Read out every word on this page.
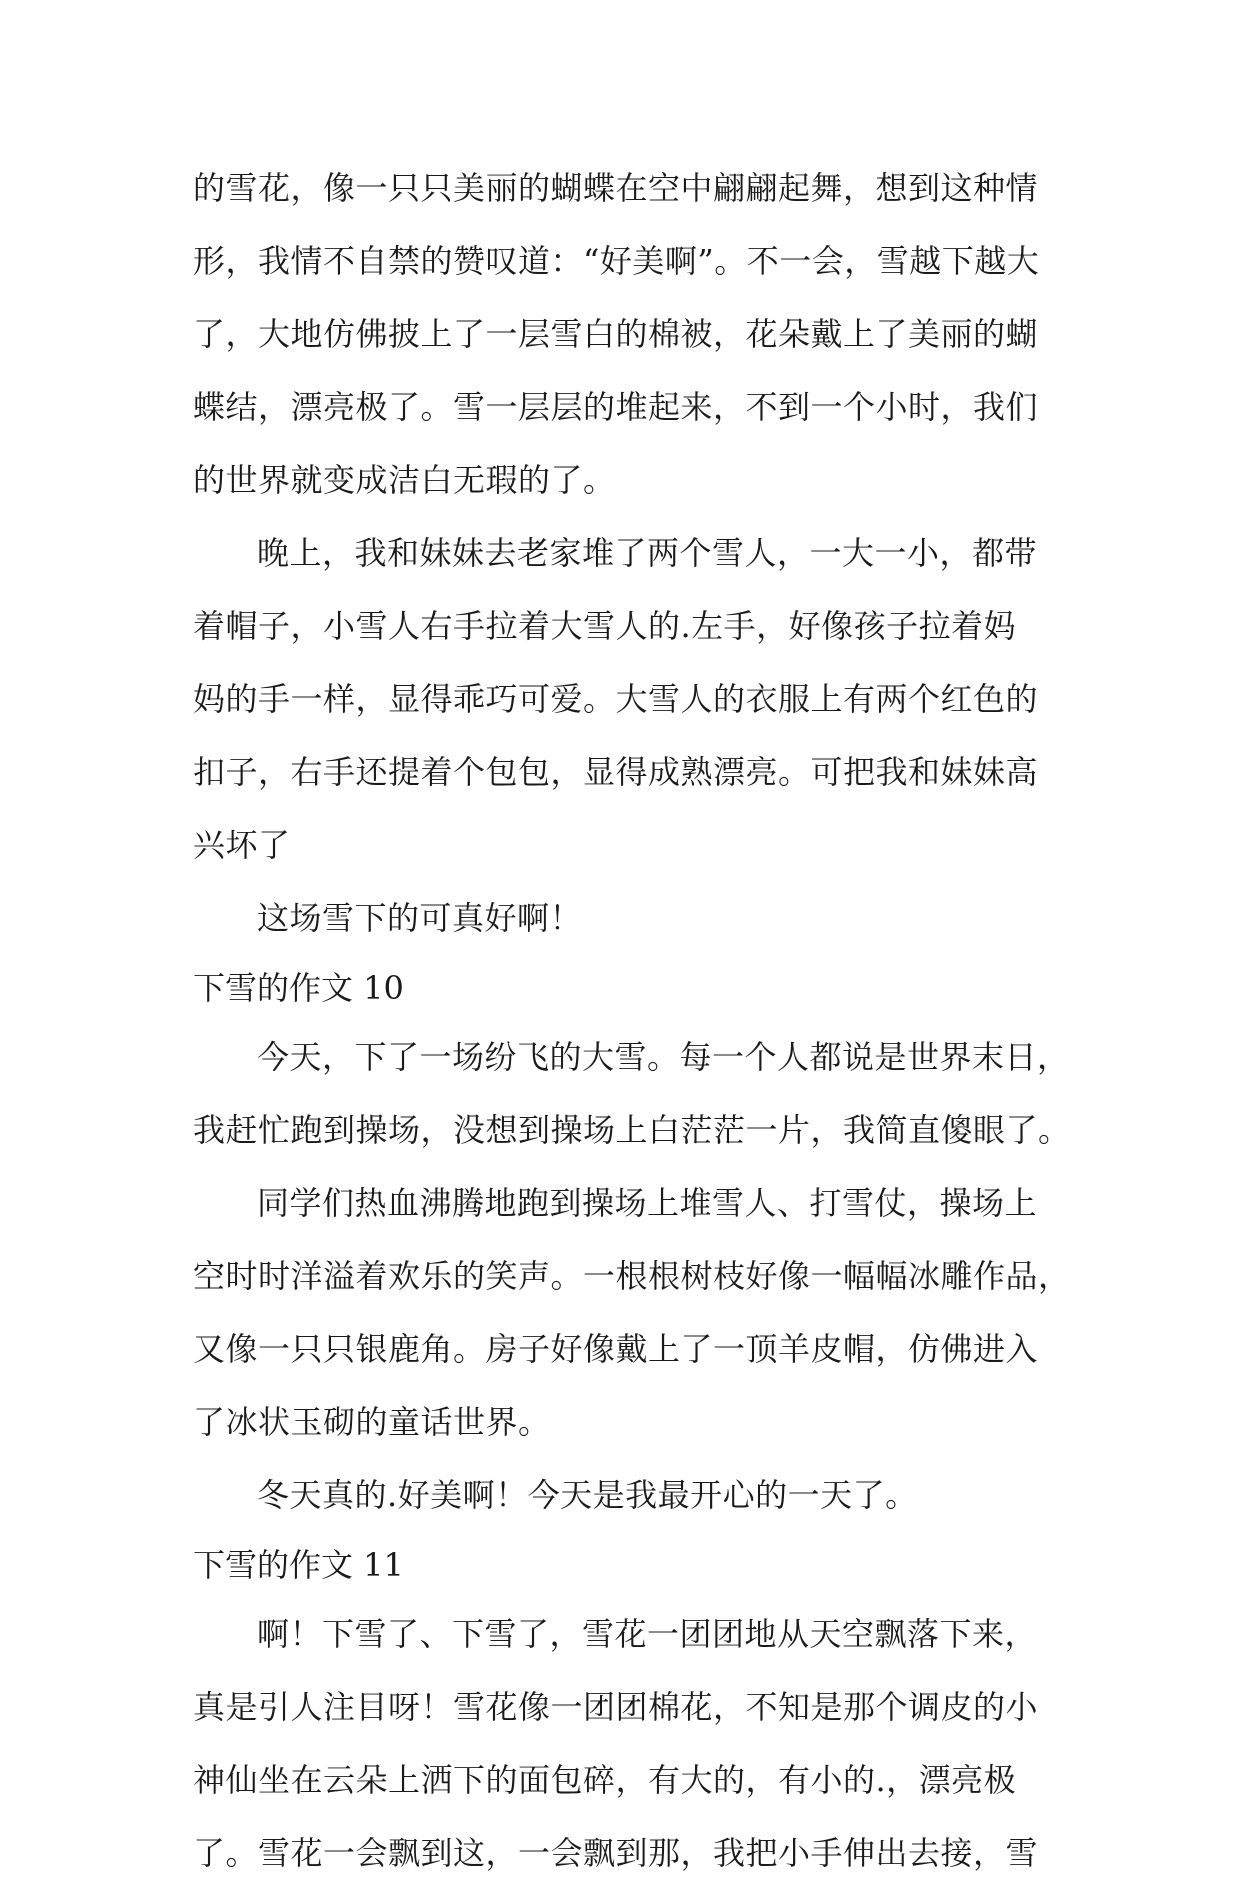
的雪花，像一只只美丽的蝴蝶在空中翩翩起舞，想到这种情
形，我情不自禁的赞叹道：“好美啊”。不一会，雪越下越大
了，大地仿佛披上了一层雪白的棉被，花朵戴上了美丽的蝴
蝶结，漂亮极了。雪一层层的堆起来，不到一个小时，我们
的世界就变成洁白无瑕的了。
晚上，我和妹妹去老家堆了两个雪人，一大一小，都带
着帽子，小雪人右手拉着大雪人的.左手，好像孩子拉着妈
妈的手一样，显得乖巧可爱。大雪人的衣服上有两个红色的
扣子，右手还提着个包包，显得成熟漂亮。可把我和妹妹高
兴坏了
这场雪下的可真好啊！
下雪的作文 10
今天，下了一场纷飞的大雪。每一个人都说是世界末日，
我赶忙跑到操场，没想到操场上白茫茫一片，我简直傻眼了。
同学们热血沸腾地跑到操场上堆雪人、打雪仗，操场上
空时时洋溢着欢乐的笑声。一根根树枝好像一幅幅冰雕作品，
又像一只只银鹿角。房子好像戴上了一顶羊皮帽，仿佛进入
了冰状玉砌的童话世界。
冬天真的.好美啊！今天是我最开心的一天了。
下雪的作文 11
啊！下雪了、下雪了，雪花一团团地从天空飘落下来，
真是引人注目呀！雪花像一团团棉花，不知是那个调皮的小
神仙坐在云朵上洒下的面包碎，有大的，有小的.，漂亮极
了。雪花一会飘到这，一会飘到那，我把小手伸出去接，雪
